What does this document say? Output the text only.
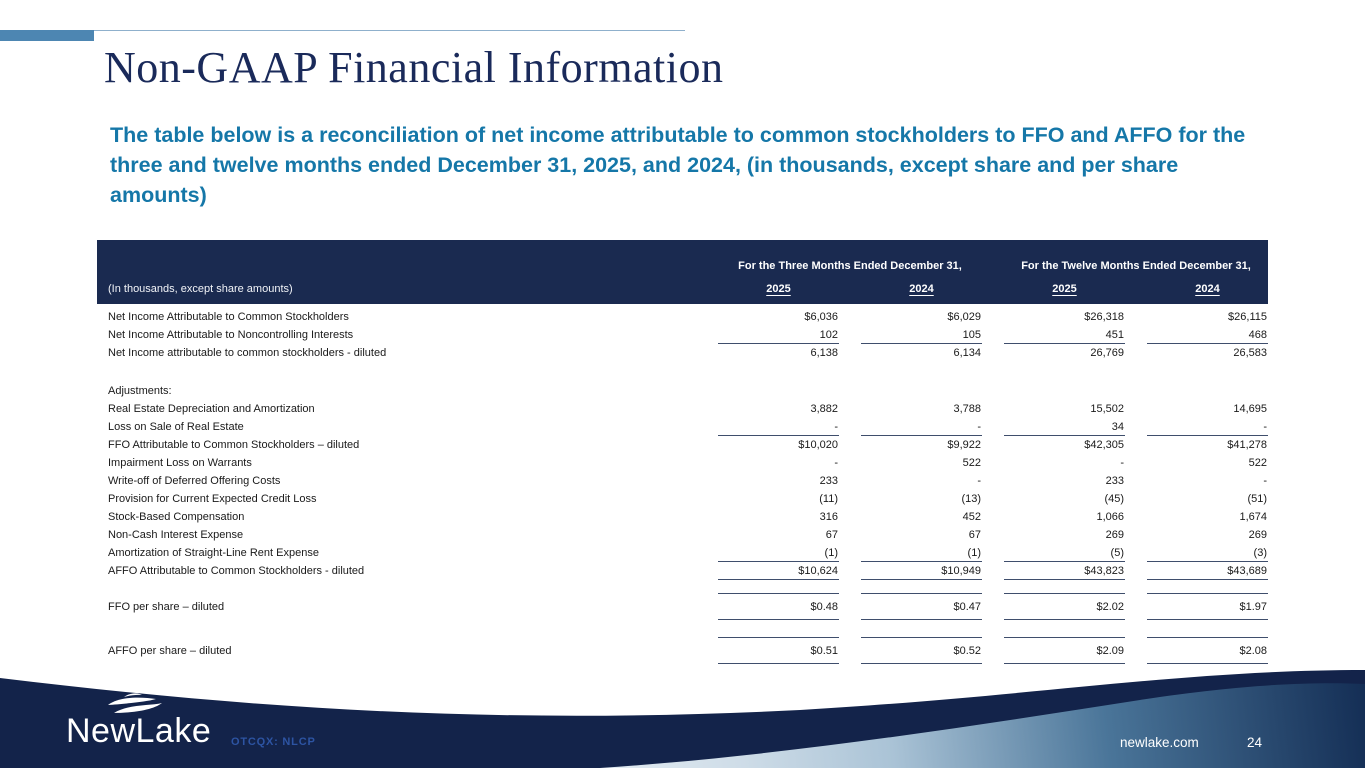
Non-GAAP Financial Information

The table below is a reconciliation of net income attributable to common stockholders to FFO and AFFO for the three and twelve months ended December 31, 2025, and 2024, (in thousands, except share and per share amounts)

For the Three Months Ended December 31,	For the Twelve Months Ended December 31,
(In thousands, except share amounts)	2025	2024	2025	2024
Net Income Attributable to Common Stockholders	$6,036	$6,029	$26,318	$26,115
Net Income Attributable to Noncontrolling Interests	102	105	451	468
Net Income attributable to common stockholders - diluted	6,138	6,134	26,769	26,583
Adjustments:
Real Estate Depreciation and Amortization	3,882	3,788	15,502	14,695
Loss on Sale of Real Estate	-	-	34	-
FFO Attributable to Common Stockholders – diluted	$10,020	$9,922	$42,305	$41,278
Impairment Loss on Warrants	-	522	-	522
Write-off of Deferred Offering Costs	233	-	233	-
Provision for Current Expected Credit Loss	(11)	(13)	(45)	(51)
Stock-Based Compensation	316	452	1,066	1,674
Non-Cash Interest Expense	67	67	269	269
Amortization of Straight-Line Rent Expense	(1)	(1)	(5)	(3)
AFFO Attributable to Common Stockholders - diluted	$10,624	$10,949	$43,823	$43,689
FFO per share – diluted	$0.48	$0.47	$2.02	$1.97
AFFO per share – diluted	$0.51	$0.52	$2.09	$2.08
NewLake OTCQX: NLCP	newlake.com	24
